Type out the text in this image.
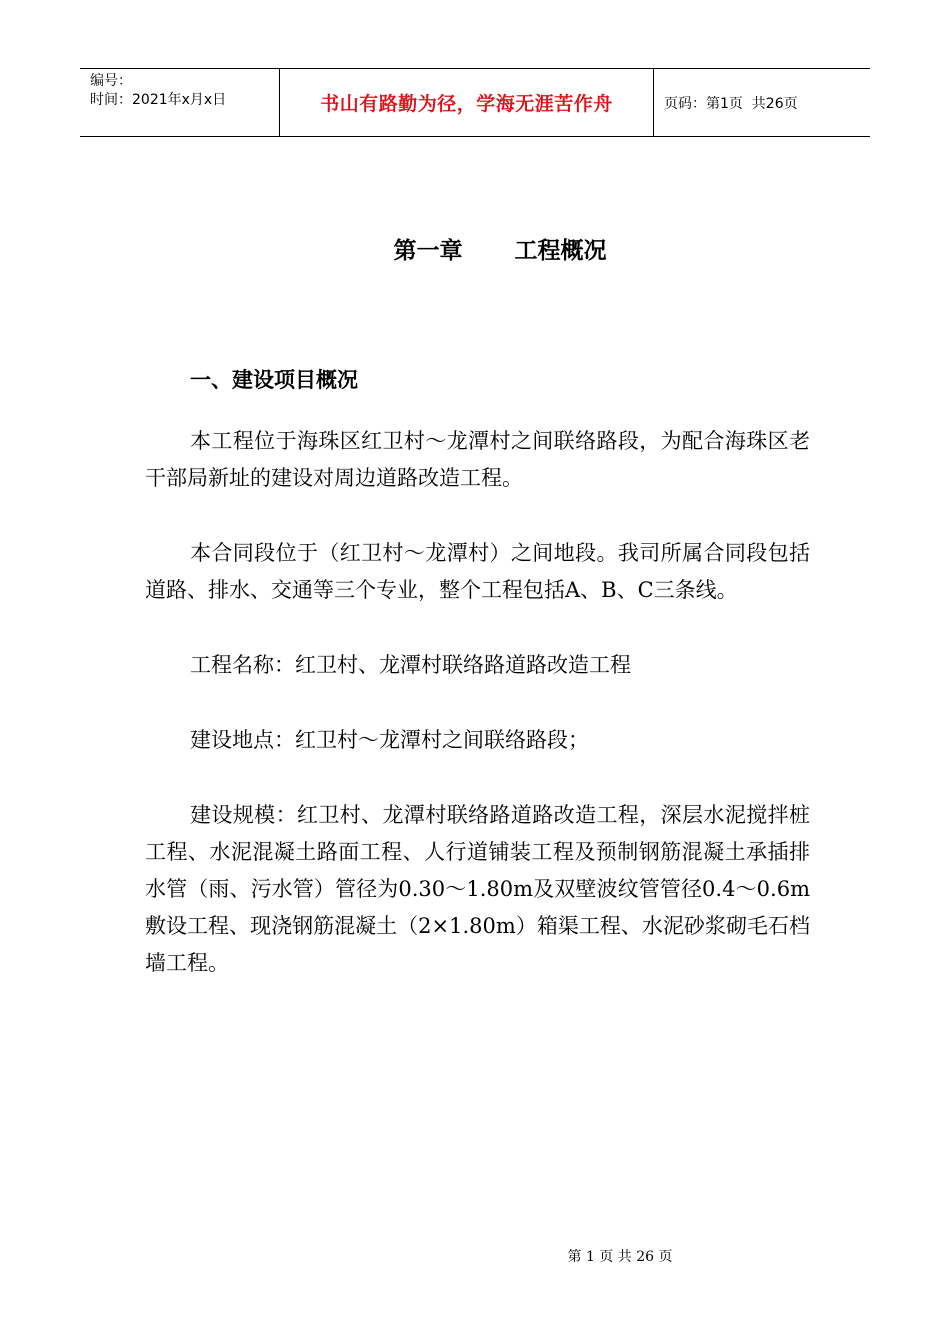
编号：
时间：2021年x月x日	书山有路勤为径，学海无涯苦作舟	页码：第1页  共26页
第一章 工程概况
一、建设项目概况

本工程位于海珠区红卫村～龙潭村之间联络路段，为配合海珠区老干部局新址的建设对周边道路改造工程。

本合同段位于（红卫村～龙潭村）之间地段。我司所属合同段包括道路、排水、交通等三个专业，整个工程包括A、B、C三条线。

工程名称：红卫村、龙潭村联络路道路改造工程

建设地点：红卫村～龙潭村之间联络路段；

建设规模：红卫村、龙潭村联络路道路改造工程，深层水泥搅拌桩工程、水泥混凝土路面工程、人行道铺装工程及预制钢筋混凝土承插排水管（雨、污水管）管径为0.30～1.80m及双壁波纹管管径0.4～0.6m敷设工程、现浇钢筋混凝土（2×1.80m）箱渠工程、水泥砂浆砌毛石档墙工程。

第 1 页 共 26 页
